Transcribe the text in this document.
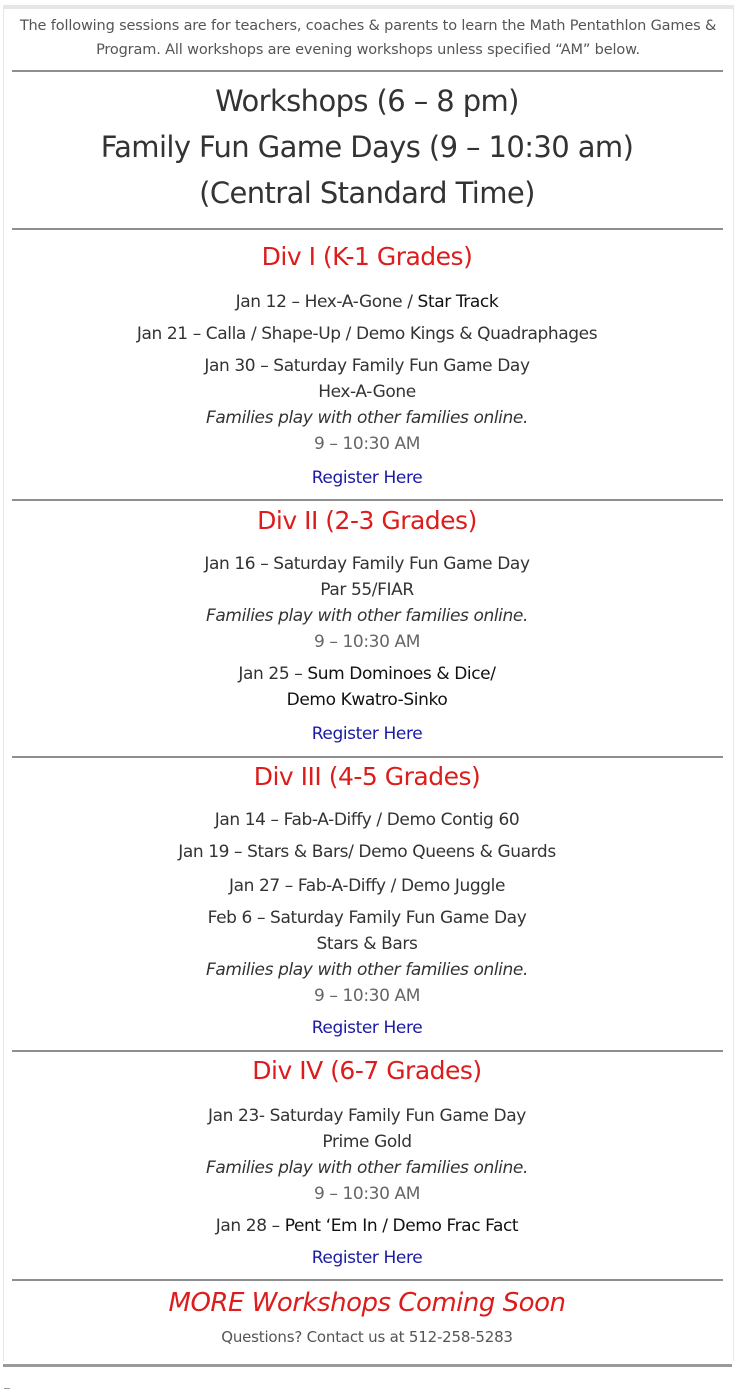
The following sessions are for teachers, coaches & parents to learn the Math Pentathlon Games & Program. All workshops are evening workshops unless specified “AM” below.
Workshops (6 – 8 pm)
Family Fun Game Days (9 – 10:30 am)
(Central Standard Time)
Div I (K-1 Grades)
Jan 12 – Hex-A-Gone / Star Track
Jan 21 – Calla / Shape-Up / Demo Kings & Quadraphages
Jan 30 – Saturday Family Fun Game Day
Hex-A-Gone
Families play with other families online.
9 – 10:30 AM
Register Here
Div II (2-3 Grades)
Jan 16 – Saturday Family Fun Game Day
Par 55/FIAR
Families play with other families online.
9 – 10:30 AM
Jan 25 – Sum Dominoes & Dice/
Demo Kwatro-Sinko
Register Here
Div III (4-5 Grades)
Jan 14 – Fab-A-Diffy / Demo Contig 60
Jan 19 – Stars & Bars/ Demo Queens & Guards
Jan 27 – Fab-A-Diffy / Demo Juggle
Feb 6 – Saturday Family Fun Game Day
Stars & Bars
Families play with other families online.
9 – 10:30 AM
Register Here
Div IV (6-7 Grades)
Jan 23- Saturday Family Fun Game Day
Prime Gold
Families play with other families online.
9 – 10:30 AM
Jan 28 – Pent ‘Em In / Demo Frac Fact
Register Here
MORE Workshops Coming Soon
Questions? Contact us at 512-258-5283
